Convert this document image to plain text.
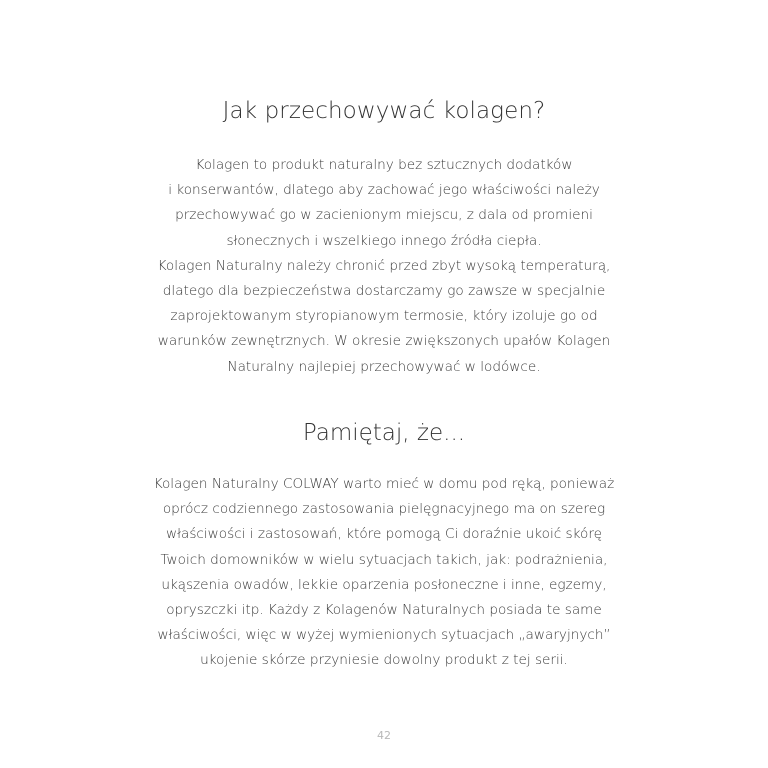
Jak przechowywać kolagen?

Kolagen to produkt naturalny bez sztucznych dodatków
i konserwantów, dlatego aby zachować jego właściwości należy
przechowywać go w zacienionym miejscu, z dala od promieni
słonecznych i wszelkiego innego źródła ciepła.
Kolagen Naturalny należy chronić przed zbyt wysoką temperaturą,
dlatego dla bezpieczeństwa dostarczamy go zawsze w specjalnie
zaprojektowanym styropianowym termosie, który izoluje go od
warunków zewnętrznych. W okresie zwiększonych upałów Kolagen
Naturalny najlepiej przechowywać w lodówce.

Pamiętaj, że...

Kolagen Naturalny COLWAY warto mieć w domu pod ręką, ponieważ
oprócz codziennego zastosowania pielęgnacyjnego ma on szereg
właściwości i zastosowań, które pomogą Ci doraźnie ukoić skórę
Twoich domowników w wielu sytuacjach takich, jak: podrażnienia,
ukąszenia owadów, lekkie oparzenia posłoneczne i inne, egzemy,
opryszczki itp. Każdy z Kolagenów Naturalnych posiada te same
właściwości, więc w wyżej wymienionych sytuacjach „awaryjnych”
ukojenie skórze przyniesie dowolny produkt z tej serii.

42
